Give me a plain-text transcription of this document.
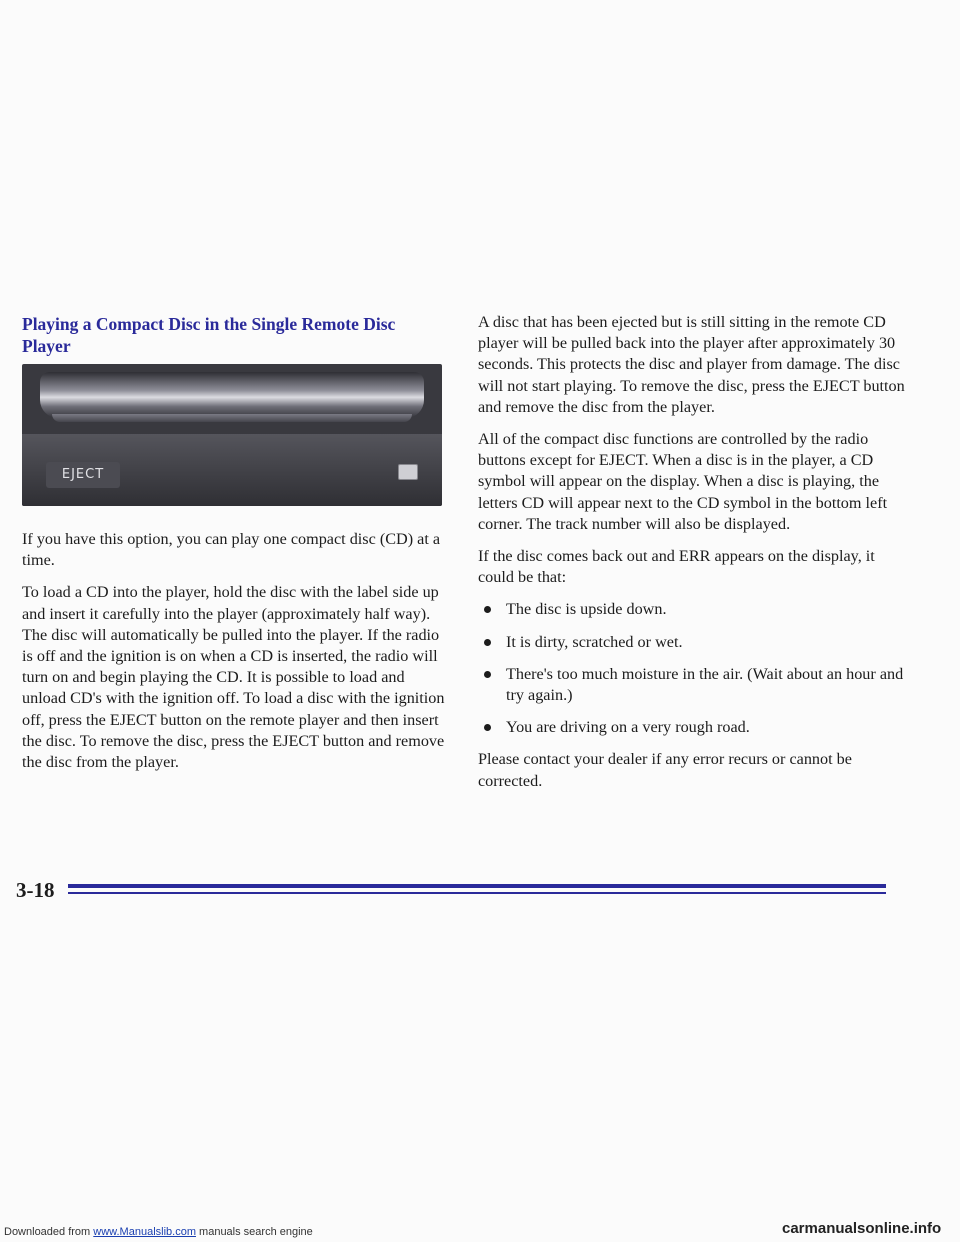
Playing a Compact Disc in the Single Remote Disc Player
EJECT

If you have this option, you can play one compact disc (CD) at a time.

To load a CD into the player, hold the disc with the label side up and insert it carefully into the player (approximately half way). The disc will automatically be pulled into the player. If the radio is off and the ignition is on when a CD is inserted, the radio will turn on and begin playing the CD. It is possible to load and unload CD's with the ignition off. To load a disc with the ignition off, press the EJECT button on the remote player and then insert the disc. To remove the disc, press the EJECT button and remove the disc from the player.

A disc that has been ejected but is still sitting in the remote CD player will be pulled back into the player after approximately 30 seconds. This protects the disc and player from damage. The disc will not start playing. To remove the disc, press the EJECT button and remove the disc from the player.

All of the compact disc functions are controlled by the radio buttons except for EJECT. When a disc is in the player, a CD symbol will appear on the display. When a disc is playing, the letters CD will appear next to the CD symbol in the bottom left corner. The track number will also be displayed.

If the disc comes back out and ERR appears on the display, it could be that:

The disc is upside down.
It is dirty, scratched or wet.
There's too much moisture in the air. (Wait about an hour and try again.)
You are driving on a very rough road.

Please contact your dealer if any error recurs or cannot be corrected.

3-18
Downloaded from www.Manualslib.com manuals search engine	carmanualsonline.info
